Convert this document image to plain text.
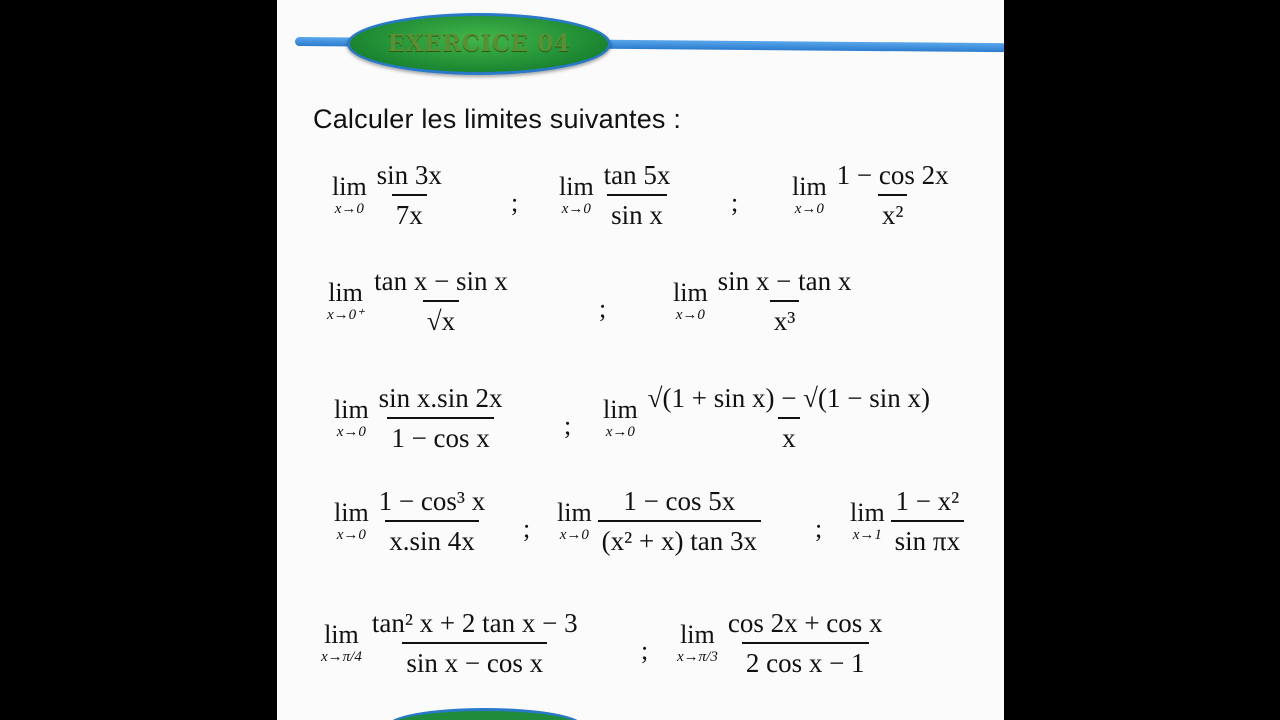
EXERCICE 04
Calculer les limites suivantes :
lim
$x\to 0 \frac{\sin 3x}{7x}$	;
lim
$x\to 0 \frac{\tan 5x}{\text{sin x}}$ ;
lim
$x\to 0 \frac{1 - \cos 2x}{\text{x²}}$
lim
$x\to 0^+ \frac{\text{tan x − sin x}}{√x}$	;
lim
$x\to 0 \frac{\text{sin x − tan x}}{\text{x³}}$
lim
$x\to 0 \frac{\text{sin x.sin 2x}}{\text{1 − cos x}}$ ;
lim
$x\to 0 \frac{\text{√(1 + sin x) − √(1 − sin x)}}{x}$
lim
$x\to 0 \frac{\text{1 − cos³ x}}{x.\sin 4x}$ ;
lim
$x\to 0 \frac{1 - \cos 5x}{\text{(x² + x) tan 3x}}$ ;
lim
$x\to 1 \frac{\text{1 − x²}}{\text{sin πx}}$
lim
$x\to\pi/4 \frac{\text{tan² x + 2 tan x − 3}}{\text{sin x − cos x}}$ ;
lim
$x\to\pi/3 \frac{\text{cos 2x + cos x}}{\text{2 cos x − 1}}$
